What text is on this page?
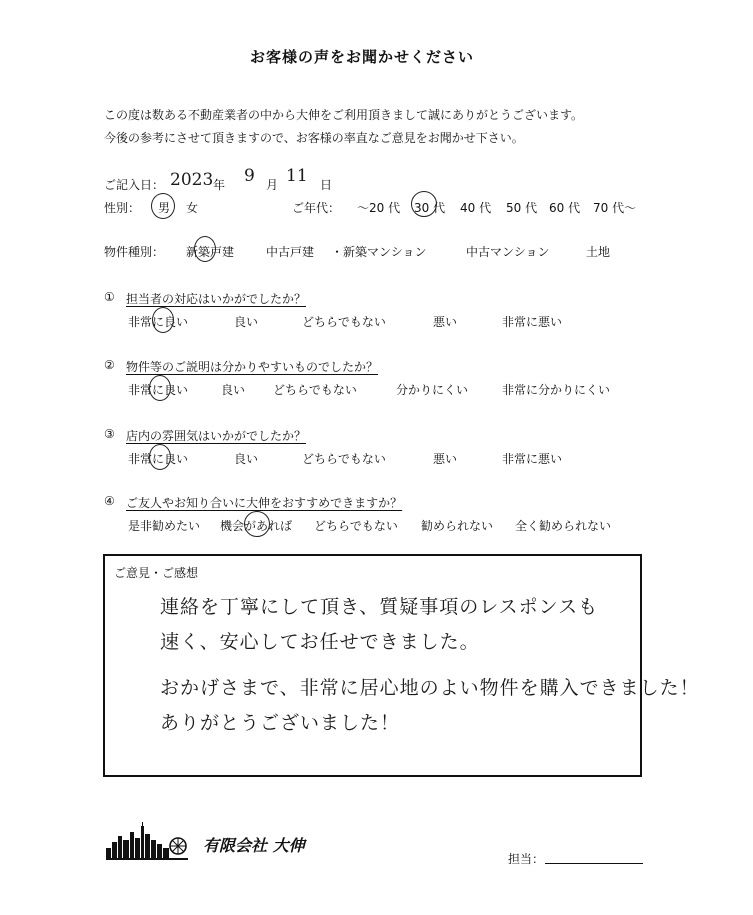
お客様の声をお聞かせください
この度は数ある不動産業者の中から大伸をご利用頂きまして誠にありがとうございます。
今後の参考にさせて頂きますので、お客様の率直なご意見をお聞かせ下さい。
ご記入日： 2023 年 9 月 11 日
性別： 男 女	ご年代： ～20 代 30 代 40 代 50 代 60 代 70 代～
物件種別： 新築戸建	中古戸建 ・新築マンション	中古マンション	土地
① 担当者の対応はいかがでしたか？
非常に良い	良い	どちらでもない	悪い	非常に悪い
② 物件等のご説明は分かりやすいものでしたか？
非常に良い	良い どちらでもない	分かりにくい	非常に分かりにくい
③ 店内の雰囲気はいかがでしたか？
非常に良い	良い	どちらでもない	悪い	非常に悪い
④ ご友人やお知り合いに大伸をおすすめできますか？
是非勧めたい 機会があれば どちらでもない 勧められない 全く勧められない
ご意見・ご感想
連絡を丁寧にして頂き、質疑事項のレスポンスも
速く、安心してお任せできました。
おかげさまで、非常に居心地のよい物件を購入できました！
ありがとうございました！
有限会社 大伸
担当：
